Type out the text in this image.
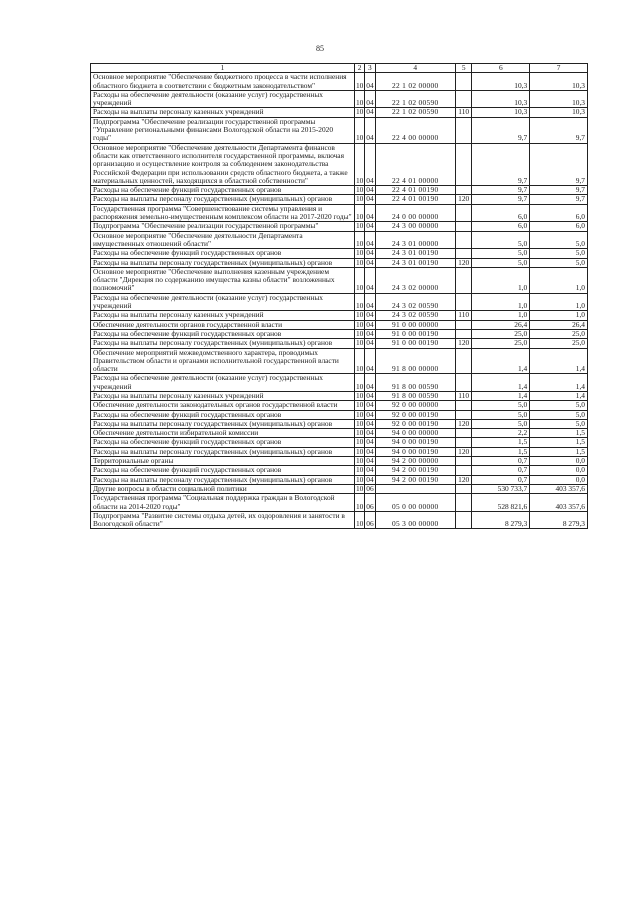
85
1	2	3	4	5	6	7
Основное мероприятие "Обеспечение бюджетного процесса в части исполнения областного бюджета в соответствии с бюджетным законодательством"	10	04	22 1 02 00000		10,3	10,3
Расходы на обеспечение деятельности (оказание услуг) государственных учреждений	10	04	22 1 02 00590		10,3	10,3
Расходы на выплаты персоналу казенных учреждений	10	04	22 1 02 00590	110	10,3	10,3
Подпрограмма "Обеспечение реализации государственной программы "Управление региональными финансами Вологодской области на 2015-2020 годы"	10	04	22 4 00 00000		9,7	9,7
Основное мероприятие "Обеспечение деятельности Департамента финансов области как ответственного исполнителя государственной программы, включая организацию и осуществление контроля за соблюдением законодательства Российской Федерации при использовании средств областного бюджета, а также материальных ценностей, находящихся в областной собственности"	10	04	22 4 01 00000		9,7	9,7
Расходы на обеспечение функций государственных органов	10	04	22 4 01 00190		9,7	9,7
Расходы на выплаты персоналу государственных (муниципальных) органов	10	04	22 4 01 00190	120	9,7	9,7
Государственная программа "Совершенствование системы управления и распоряжения земельно-имущественным комплексом области на 2017-2020 годы"	10	04	24 0 00 00000		6,0	6,0
Подпрограмма "Обеспечение реализации государственной программы"	10	04	24 3 00 00000		6,0	6,0
Основное мероприятие "Обеспечение деятельности Департамента имущественных отношений области"	10	04	24 3 01 00000		5,0	5,0
Расходы на обеспечение функций государственных органов	10	04	24 3 01 00190		5,0	5,0
Расходы на выплаты персоналу государственных (муниципальных) органов	10	04	24 3 01 00190	120	5,0	5,0
Основное мероприятие "Обеспечение выполнения казенным учреждением области "Дирекция по содержанию имущества казны области" возложенных полномочий"	10	04	24 3 02 00000		1,0	1,0
Расходы на обеспечение деятельности (оказание услуг) государственных учреждений	10	04	24 3 02 00590		1,0	1,0
Расходы на выплаты персоналу казенных учреждений	10	04	24 3 02 00590	110	1,0	1,0
Обеспечение деятельности органов государственной власти	10	04	91 0 00 00000		26,4	26,4
Расходы на обеспечение функций государственных органов	10	04	91 0 00 00190		25,0	25,0
Расходы на выплаты персоналу государственных (муниципальных) органов	10	04	91 0 00 00190	120	25,0	25,0
Обеспечение мероприятий межведомственного характера, проводимых Правительством области и органами исполнительной государственной власти области	10	04	91 8 00 00000		1,4	1,4
Расходы на обеспечение деятельности (оказание услуг) государственных учреждений	10	04	91 8 00 00590		1,4	1,4
Расходы на выплаты персоналу казенных учреждений	10	04	91 8 00 00590	110	1,4	1,4
Обеспечение деятельности законодательных органов государственной власти	10	04	92 0 00 00000		5,0	5,0
Расходы на обеспечение функций государственных органов	10	04	92 0 00 00190		5,0	5,0
Расходы на выплаты персоналу государственных (муниципальных) органов	10	04	92 0 00 00190	120	5,0	5,0
Обеспечение деятельности избирательной комиссии	10	04	94 0 00 00000		2,2	1,5
Расходы на обеспечение функций государственных органов	10	04	94 0 00 00190		1,5	1,5
Расходы на выплаты персоналу государственных (муниципальных) органов	10	04	94 0 00 00190	120	1,5	1,5
Территориальные органы	10	04	94 2 00 00000		0,7	0,0
Расходы на обеспечение функций государственных органов	10	04	94 2 00 00190		0,7	0,0
Расходы на выплаты персоналу государственных (муниципальных) органов	10	04	94 2 00 00190	120	0,7	0,0
Другие вопросы в области социальной политики	10	06			530 733,7	403 357,6
Государственная программа "Социальная поддержка граждан в Вологодской области на 2014-2020 годы"	10	06	05 0 00 00000		528 821,6	403 357,6
Подпрограмма "Развитие системы отдыха детей, их оздоровления и занятости в Вологодской области"	10	06	05 3 00 00000		8 279,3	8 279,3
